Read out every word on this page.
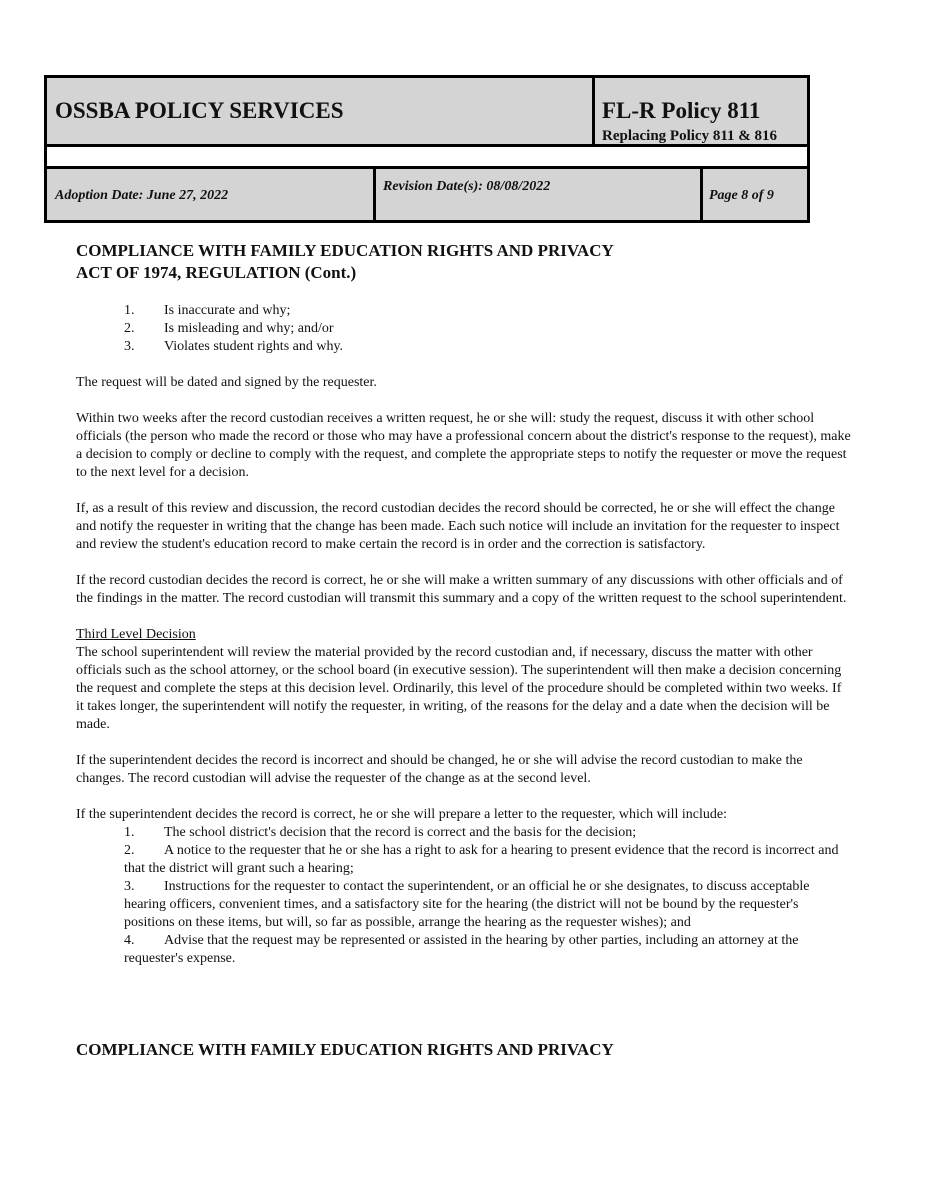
OSSBA POLICY SERVICES	FL-R Policy 811
Replacing Policy 811 & 816
Adoption Date: June 27, 2022
Revision Date(s): 08/08/2022
Page 8 of 9
COMPLIANCE WITH FAMILY EDUCATION RIGHTS AND PRIVACY
ACT OF 1974, REGULATION (Cont.)
1.	Is inaccurate and why;
2.	Is misleading and why; and/or
3.	Violates student rights and why.

The request will be dated and signed by the requester.

Within two weeks after the record custodian receives a written request, he or she will: study the request, discuss it with other school officials (the person who made the record or those who may have a professional concern about the district's response to the request), make a decision to comply or decline to comply with the request, and complete the appropriate steps to notify the requester or move the request to the next level for a decision.

If, as a result of this review and discussion, the record custodian decides the record should be corrected, he or she will effect the change and notify the requester in writing that the change has been made. Each such notice will include an invitation for the requester to inspect and review the student's education record to make certain the record is in order and the correction is satisfactory.

If the record custodian decides the record is correct, he or she will make a written summary of any discussions with other officials and of the findings in the matter. The record custodian will transmit this summary and a copy of the written request to the school superintendent.

Third Level Decision

The school superintendent will review the material provided by the record custodian and, if necessary, discuss the matter with other officials such as the school attorney, or the school board (in executive session). The superintendent will then make a decision concerning the request and complete the steps at this decision level. Ordinarily, this level of the procedure should be completed within two weeks. If it takes longer, the superintendent will notify the requester, in writing, of the reasons for the delay and a date when the decision will be made.

If the superintendent decides the record is incorrect and should be changed, he or she will advise the record custodian to make the changes. The record custodian will advise the requester of the change as at the second level.

If the superintendent decides the record is correct, he or she will prepare a letter to the requester, which will include:

1. The school district's decision that the record is correct and the basis for the decision;
2. A notice to the requester that he or she has a right to ask for a hearing to present evidence that the record is incorrect and that the district will grant such a hearing;
3. Instructions for the requester to contact the superintendent, or an official he or she designates, to discuss acceptable hearing officers, convenient times, and a satisfactory site for the hearing (the district will not be bound by the requester's positions on these items, but will, so far as possible, arrange the hearing as the requester wishes); and
4. Advise that the request may be represented or assisted in the hearing by other parties, including an attorney at the requester's expense.
COMPLIANCE WITH FAMILY EDUCATION RIGHTS AND PRIVACY
